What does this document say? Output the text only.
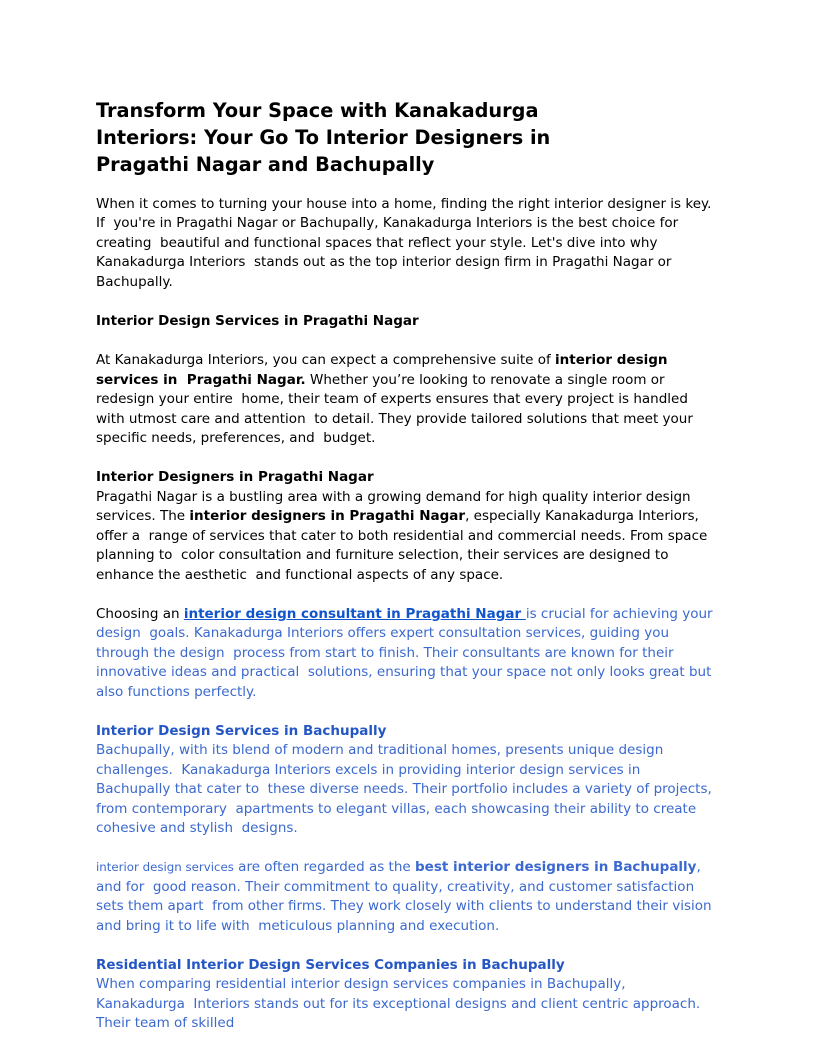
Transform Your Space with Kanakadurga
Interiors: Your Go To Interior Designers in
Pragathi Nagar and Bachupally

When it comes to turning your house into a home, finding the right interior designer is key. If  you're in Pragathi Nagar or Bachupally, Kanakadurga Interiors is the best choice for creating  beautiful and functional spaces that reflect your style. Let's dive into why Kanakadurga Interiors  stands out as the top interior design firm in Pragathi Nagar or Bachupally.

Interior Design Services in Pragathi Nagar

At Kanakadurga Interiors, you can expect a comprehensive suite of interior design services in  Pragathi Nagar. Whether you’re looking to renovate a single room or redesign your entire  home, their team of experts ensures that every project is handled with utmost care and attention  to detail. They provide tailored solutions that meet your specific needs, preferences, and  budget.

Interior Designers in Pragathi Nagar

Pragathi Nagar is a bustling area with a growing demand for high quality interior design  services. The interior designers in Pragathi Nagar, especially Kanakadurga Interiors, offer a  range of services that cater to both residential and commercial needs. From space planning to  color consultation and furniture selection, their services are designed to enhance the aesthetic  and functional aspects of any space.

Choosing an interior design consultant in Pragathi Nagar is crucial for achieving your design  goals. Kanakadurga Interiors offers expert consultation services, guiding you through the design  process from start to finish. Their consultants are known for their innovative ideas and practical  solutions, ensuring that your space not only looks great but also functions perfectly.

Interior Design Services in Bachupally

Bachupally, with its blend of modern and traditional homes, presents unique design challenges.  Kanakadurga Interiors excels in providing interior design services in Bachupally that cater to  these diverse needs. Their portfolio includes a variety of projects, from contemporary  apartments to elegant villas, each showcasing their ability to create cohesive and stylish  designs.

interior design services are often regarded as the best interior designers in Bachupally, and for  good reason. Their commitment to quality, creativity, and customer satisfaction sets them apart  from other firms. They work closely with clients to understand their vision and bring it to life with  meticulous planning and execution.

Residential Interior Design Services Companies in Bachupally

When comparing residential interior design services companies in Bachupally, Kanakadurga  Interiors stands out for its exceptional designs and client centric approach. Their team of skilled
